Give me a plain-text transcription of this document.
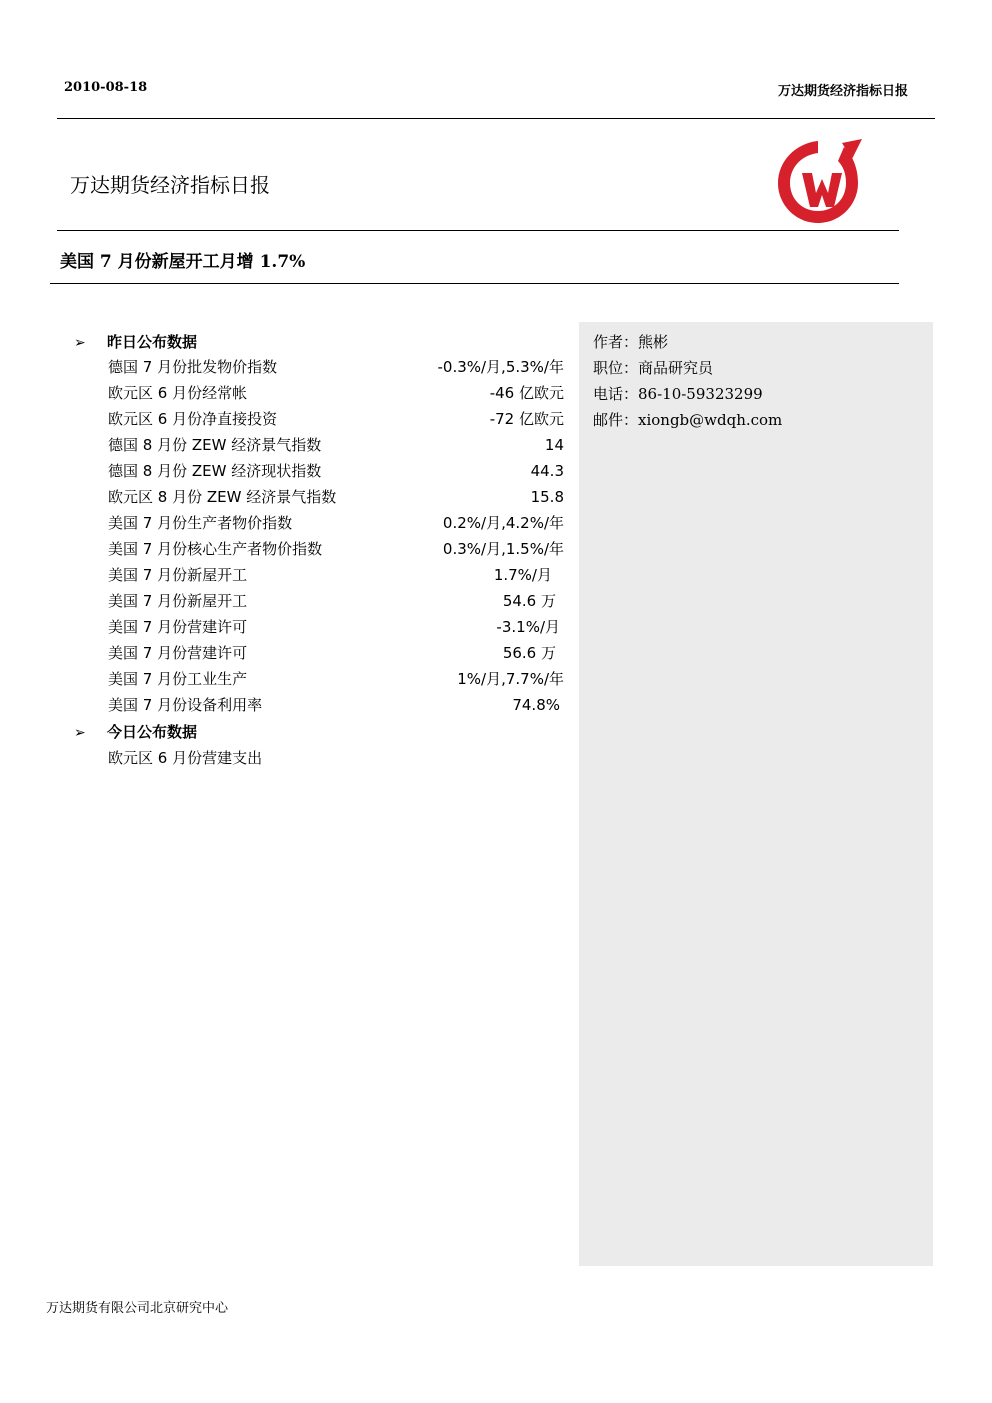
2010-08-18	万达期货经济指标日报
万达期货经济指标日报
美国 7 月份新屋开工月增 1.7%
作者：熊彬
职位：商品研究员
电话：86-10-59323299
邮件：xiongb@wdqh.com
➢ 昨日公布数据
德国 7 月份批发物价指数	-0.3%/月,5.3%/年
欧元区 6 月份经常帐	-46 亿欧元
欧元区 6 月份净直接投资	-72 亿欧元
德国 8 月份 ZEW 经济景气指数	14
德国 8 月份 ZEW 经济现状指数	44.3
欧元区 8 月份 ZEW 经济景气指数	15.8
美国 7 月份生产者物价指数	0.2%/月,4.2%/年
美国 7 月份核心生产者物价指数	0.3%/月,1.5%/年
美国 7 月份新屋开工	1.7%/月
美国 7 月份新屋开工	54.6 万
美国 7 月份营建许可	-3.1%/月
美国 7 月份营建许可	56.6 万
美国 7 月份工业生产	1%/月,7.7%/年
美国 7 月份设备利用率	74.8%
➢ 今日公布数据
欧元区 6 月份营建支出
万达期货有限公司北京研究中心
